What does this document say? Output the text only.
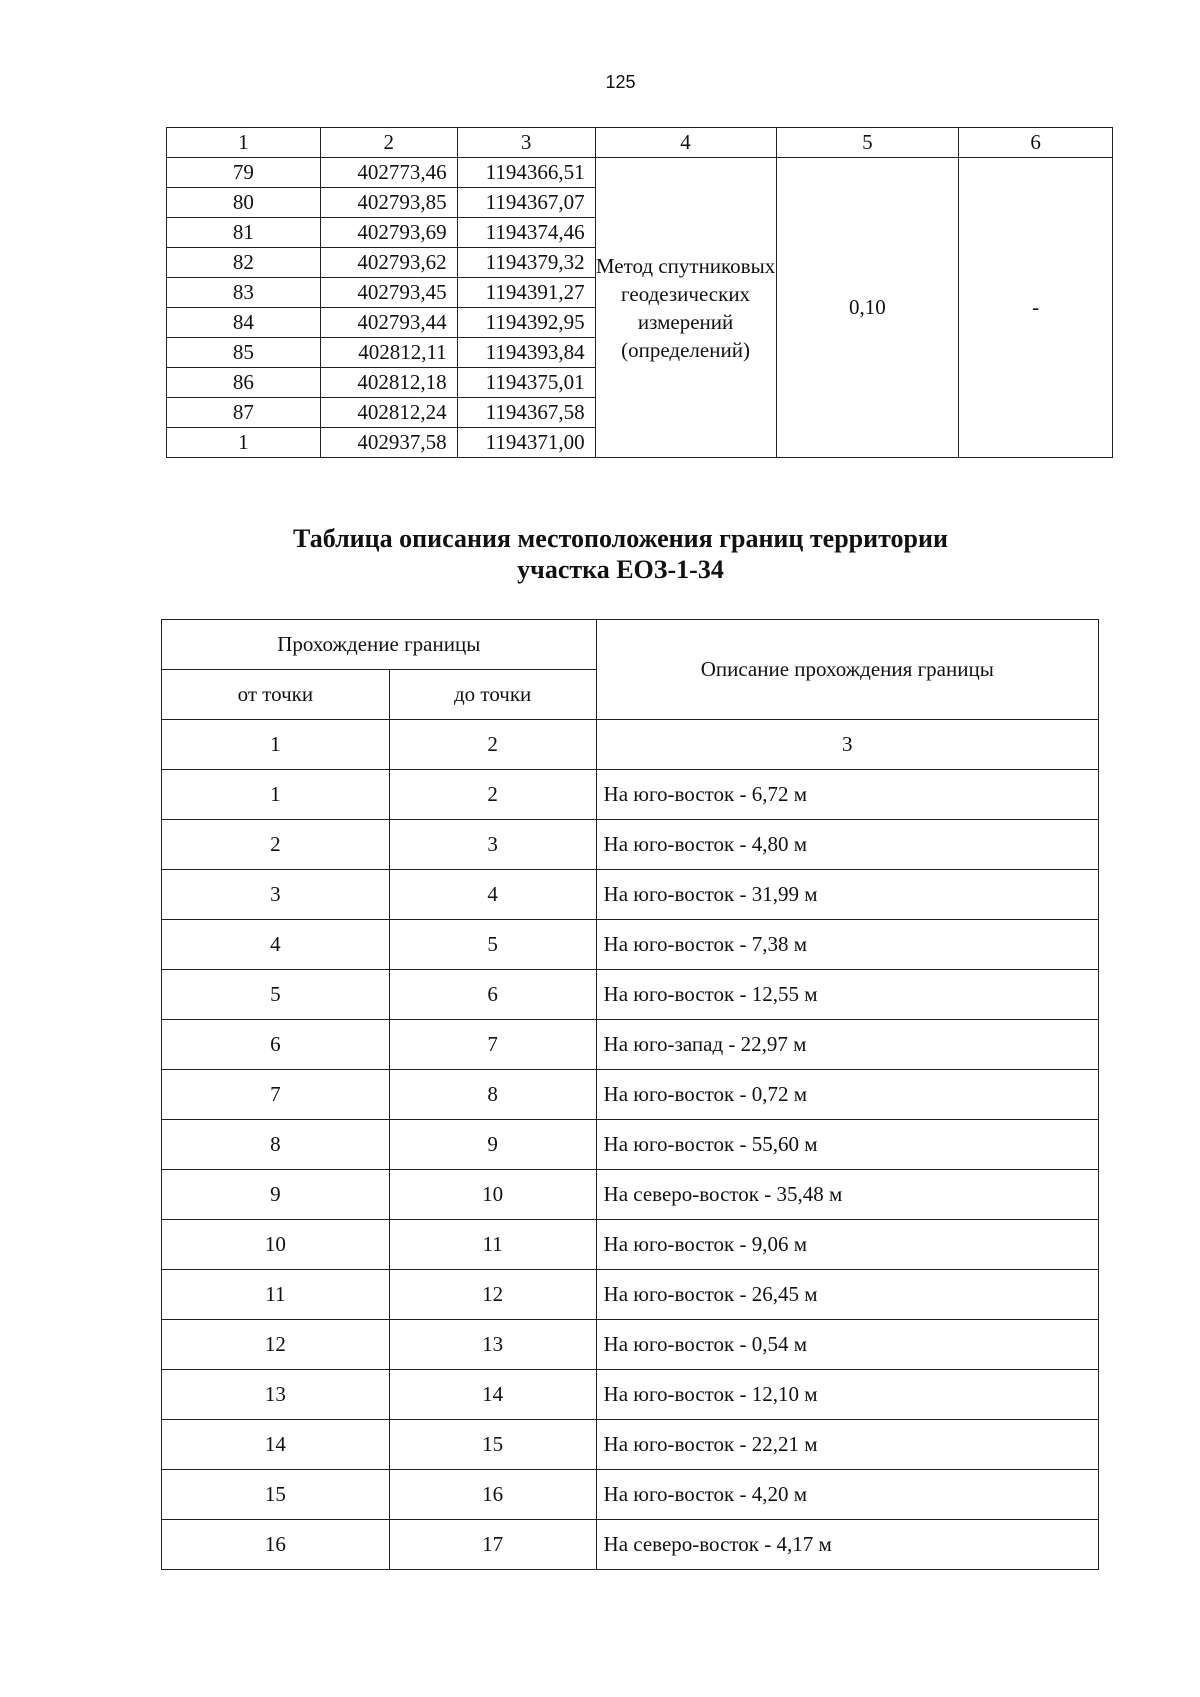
125
1	2	3	4	5	6
79	402773,46	1194366,51	Метод спутниковых геодезических измерений (определений)	0,10	-
80	402793,85	1194367,07			
81	402793,69	1194374,46			
82	402793,62	1194379,32			
83	402793,45	1194391,27			
84	402793,44	1194392,95			
85	402812,11	1194393,84			
86	402812,18	1194375,01			
87	402812,24	1194367,58			
1	402937,58	1194371,00			
Таблица описания местоположения границ территории
участка ЕОЗ-1-34
Прохождение границы		Описание прохождения границы
от точки	до точки	
1	2	3
1	2	На юго-восток - 6,72 м
2	3	На юго-восток - 4,80 м
3	4	На юго-восток - 31,99 м
4	5	На юго-восток - 7,38 м
5	6	На юго-восток - 12,55 м
6	7	На юго-запад - 22,97 м
7	8	На юго-восток - 0,72 м
8	9	На юго-восток - 55,60 м
9	10	На северо-восток - 35,48 м
10	11	На юго-восток - 9,06 м
11	12	На юго-восток - 26,45 м
12	13	На юго-восток - 0,54 м
13	14	На юго-восток - 12,10 м
14	15	На юго-восток - 22,21 м
15	16	На юго-восток - 4,20 м
16	17	На северо-восток - 4,17 м
